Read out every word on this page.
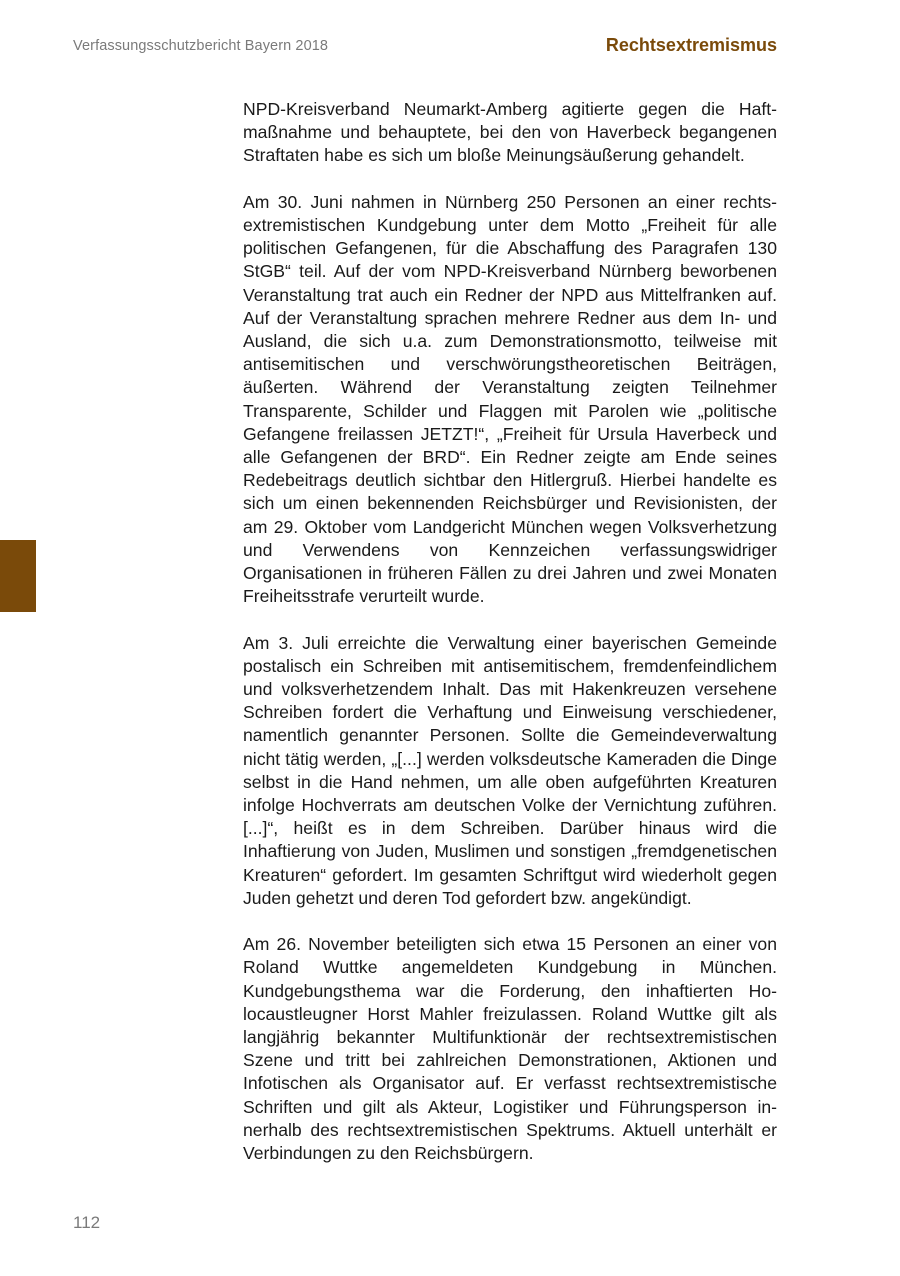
Verfassungsschutzbericht Bayern 2018	Rechtsextremismus

NPD-Kreisverband Neumarkt-Amberg agitierte gegen die Haftmaßnahme und behauptete, bei den von Haverbeck begangenen Straftaten habe es sich um bloße Meinungsäußerung gehandelt.

Am 30. Juni nahmen in Nürnberg 250 Personen an einer rechtsextremistischen Kundgebung unter dem Motto „Freiheit für alle politischen Gefangenen, für die Abschaffung des Paragrafen 130 StGB“ teil. Auf der vom NPD-Kreisverband Nürnberg beworbenen Veranstaltung trat auch ein Redner der NPD aus Mittelfranken auf. Auf der Veranstaltung sprachen mehrere Redner aus dem In- und Ausland, die sich u.a. zum Demonstrationsmotto, teilweise mit antisemitischen und verschwörungstheoretischen Beiträgen, äußerten. Während der Veranstaltung zeigten Teilnehmer Transparente, Schilder und Flaggen mit Parolen wie „politische Gefangene freilassen JETZT!“, „Freiheit für Ursula Haverbeck und alle Gefangenen der BRD“. Ein Redner zeigte am Ende seines Redebeitrags deutlich sichtbar den Hitlergruß. Hierbei handelte es sich um einen bekennenden Reichsbürger und Revisionisten, der am 29. Oktober vom Landgericht München wegen Volksverhetzung und Verwendens von Kennzeichen verfassungswidriger Organisationen in früheren Fällen zu drei Jahren und zwei Monaten Freiheitsstrafe verurteilt wurde.

Am 3. Juli erreichte die Verwaltung einer bayerischen Gemeinde postalisch ein Schreiben mit antisemitischem, fremdenfeindlichem und volksverhetzendem Inhalt. Das mit Hakenkreuzen versehene Schreiben fordert die Verhaftung und Einweisung verschiedener, namentlich genannter Personen. Sollte die Gemeindeverwaltung nicht tätig werden, „[...] werden volksdeutsche Kameraden die Dinge selbst in die Hand nehmen, um alle oben aufgeführten Kreaturen infolge Hochverrats am deutschen Volke der Vernichtung zuführen. [...]“, heißt es in dem Schreiben. Darüber hinaus wird die Inhaftierung von Juden, Muslimen und sonstigen „fremdgenetischen Kreaturen“ gefordert. Im gesamten Schriftgut wird wiederholt gegen Juden gehetzt und deren Tod gefordert bzw. angekündigt.

Am 26. November beteiligten sich etwa 15 Personen an einer von Roland Wuttke angemeldeten Kundgebung in München. Kundgebungsthema war die Forderung, den inhaftierten Holocaustleugner Horst Mahler freizulassen. Roland Wuttke gilt als langjährig bekannter Multifunktionär der rechtsextremistischen Szene und tritt bei zahlreichen Demonstrationen, Aktionen und Infotischen als Organisator auf. Er verfasst rechtsextremistische Schriften und gilt als Akteur, Logistiker und Führungsperson innerhalb des rechtsextremistischen Spektrums. Aktuell unterhält er Verbindungen zu den Reichsbürgern.

112
